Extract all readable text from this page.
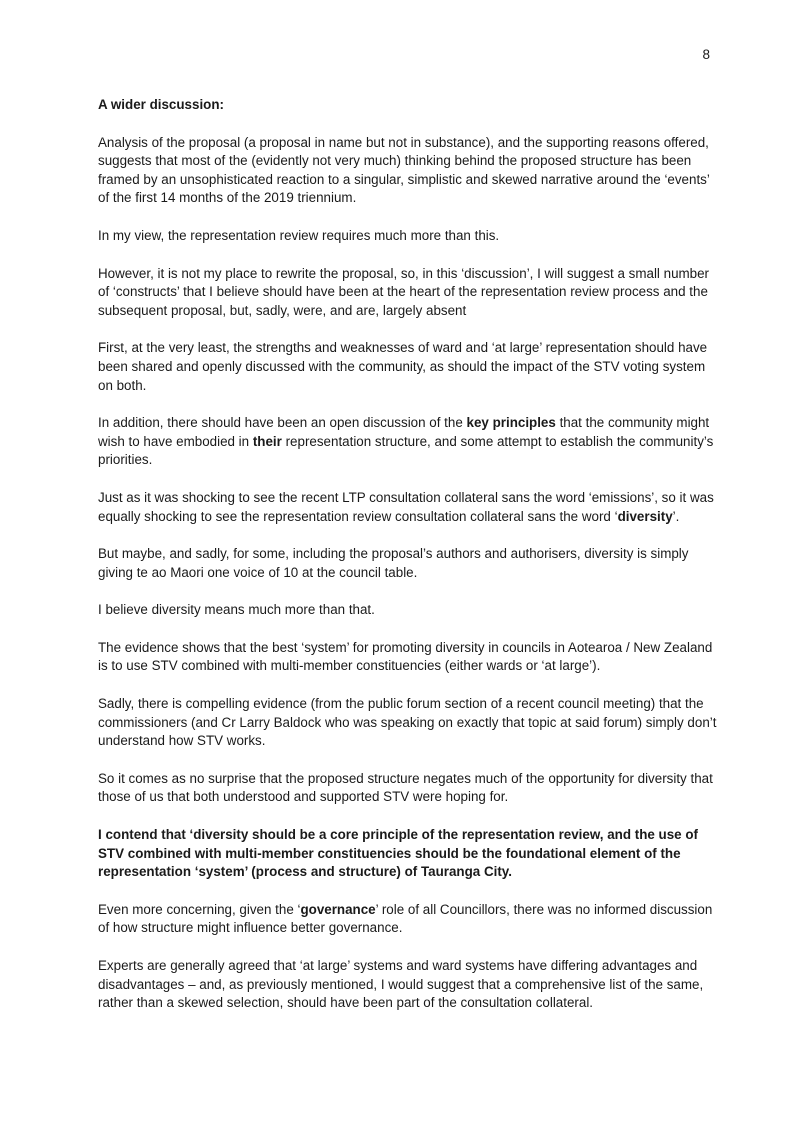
8

A wider discussion:

Analysis of the proposal (a proposal in name but not in substance), and the supporting reasons offered, suggests that most of the (evidently not very much) thinking behind the proposed structure has been framed by an unsophisticated reaction to a singular, simplistic and skewed narrative around the ‘events’ of the first 14 months of the 2019 triennium.

In my view, the representation review requires much more than this.

However, it is not my place to rewrite the proposal, so, in this ‘discussion’, I will suggest a small number of ‘constructs’ that I believe should have been at the heart of the representation review process and the subsequent proposal, but, sadly, were, and are, largely absent

First, at the very least, the strengths and weaknesses of ward and ‘at large’ representation should have been shared and openly discussed with the community, as should the impact of the STV voting system on both.

In addition, there should have been an open discussion of the key principles that the community might wish to have embodied in their representation structure, and some attempt to establish the community’s priorities.

Just as it was shocking to see the recent LTP consultation collateral sans the word ‘emissions’, so it was equally shocking to see the representation review consultation collateral sans the word ‘diversity’.

But maybe, and sadly, for some, including the proposal’s authors and authorisers, diversity is simply giving te ao Maori one voice of 10 at the council table.

I believe diversity means much more than that.

The evidence shows that the best ‘system’ for promoting diversity in councils in Aotearoa / New Zealand is to use STV combined with multi-member constituencies (either wards or ‘at large’).

Sadly, there is compelling evidence (from the public forum section of a recent council meeting) that the commissioners (and Cr Larry Baldock who was speaking on exactly that topic at said forum) simply don’t understand how STV works.

So it comes as no surprise that the proposed structure negates much of the opportunity for diversity that those of us that both understood and supported STV were hoping for.

I contend that ‘diversity should be a core principle of the representation review, and the use of STV combined with multi-member constituencies should be the foundational element of the representation ‘system’ (process and structure) of Tauranga City.

Even more concerning, given the ‘governance’ role of all Councillors, there was no informed discussion of how structure might influence better governance.

Experts are generally agreed that ‘at large’ systems and ward systems have differing advantages and disadvantages – and, as previously mentioned, I would suggest that a comprehensive list of the same, rather than a skewed selection, should have been part of the consultation collateral.
